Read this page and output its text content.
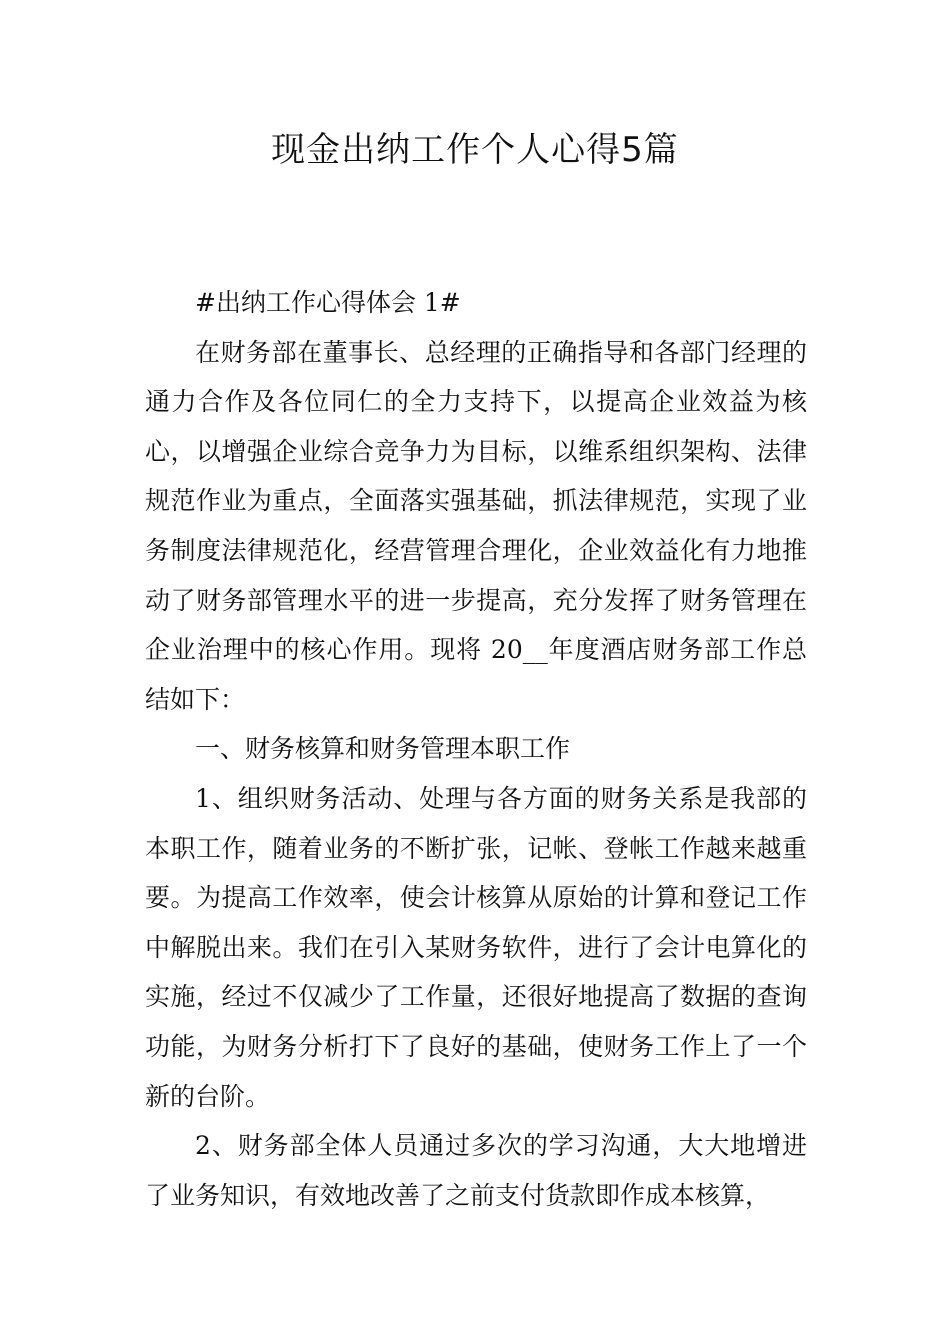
现金出纳工作个人心得5篇

#出纳工作心得体会 1#

在财务部在董事长、总经理的正确指导和各部门经理的通力合作及各位同仁的全力支持下，以提高企业效益为核心，以增强企业综合竞争力为目标，以维系组织架构、法律规范作业为重点，全面落实强基础，抓法律规范，实现了业务制度法律规范化，经营管理合理化，企业效益化有力地推动了财务部管理水平的进一步提高，充分发挥了财务管理在企业治理中的核心作用。现将 20__年度酒店财务部工作总结如下：

一、财务核算和财务管理本职工作

1、组织财务活动、处理与各方面的财务关系是我部的本职工作，随着业务的不断扩张，记帐、登帐工作越来越重要。为提高工作效率，使会计核算从原始的计算和登记工作中解脱出来。我们在引入某财务软件，进行了会计电算化的实施，经过不仅减少了工作量，还很好地提高了数据的查询功能，为财务分析打下了良好的基础，使财务工作上了一个新的台阶。

2、财务部全体人员通过多次的学习沟通，大大地增进了业务知识，有效地改善了之前支付货款即作成本核算，
